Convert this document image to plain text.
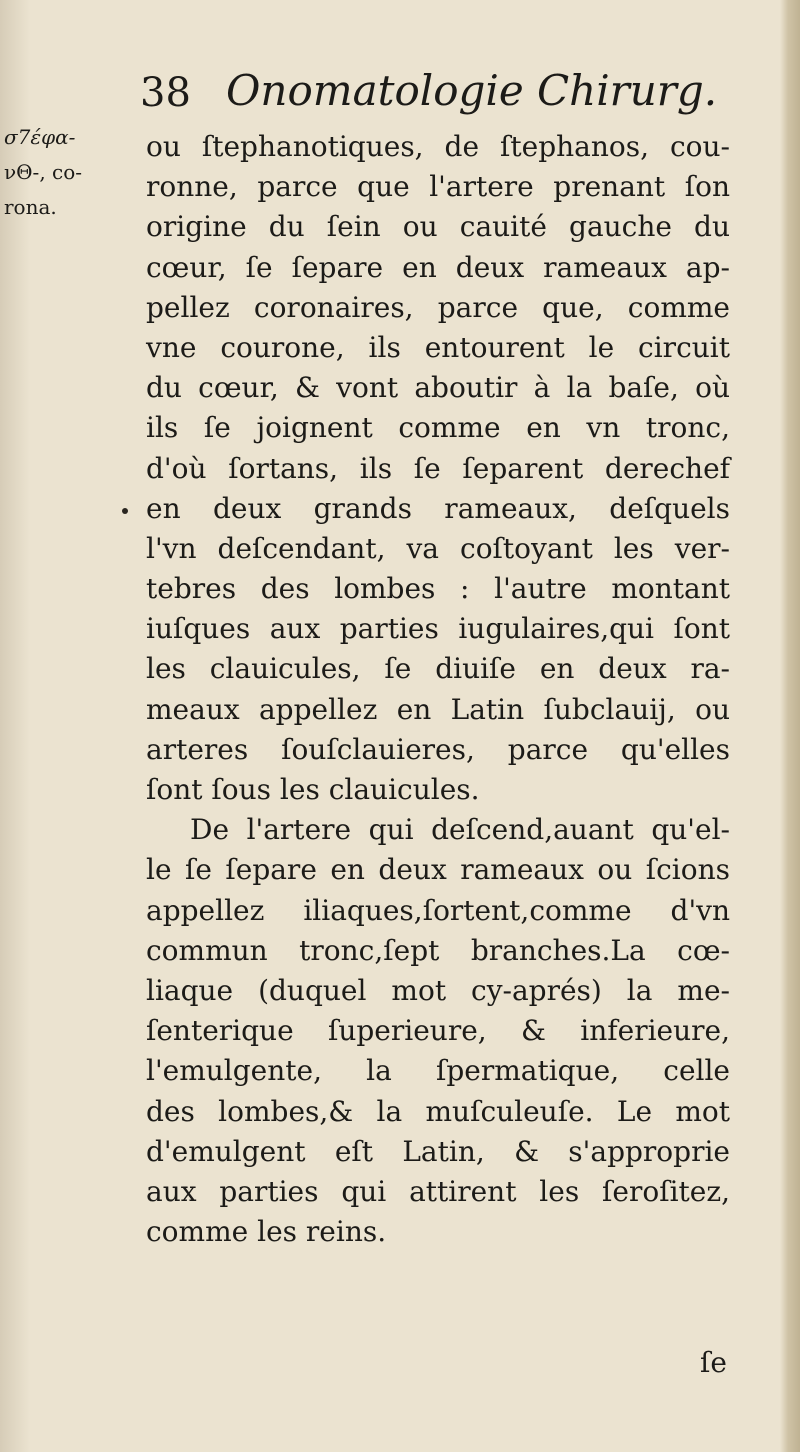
38 Onomatologie Chirurg.
σ7έφα-
νΘ-, co-
rona.
ou ſtephanotiques, de ſtephanos, cou-
ronne, parce que l'artere prenant ſon
origine du ſein ou cauité gauche du
cœur, ſe ſepare en deux rameaux ap-
pellez coronaires, parce que, comme
vne courone, ils entourent le circuit
du cœur, & vont aboutir à la baſe, où
ils ſe joignent comme en vn tronc,
d'où ſortans, ils ſe ſeparent derechef
en deux grands rameaux, deſquels
l'vn deſcendant, va coſtoyant les ver-
tebres des lombes : l'autre montant
iuſques aux parties iugulaires,qui ſont
les clauicules, ſe diuiſe en deux ra-
meaux appellez en Latin ſubclauij, ou
arteres ſouſclauieres, parce qu'elles
ſont ſous les clauicules.
De l'artere qui deſcend,auant qu'el-
le ſe ſepare en deux rameaux ou ſcions
appellez iliaques,ſortent,comme d'vn
commun tronc,ſept branches.La cœ-
liaque (duquel mot cy-aprés) la me-
ſenterique ſuperieure, & inferieure,
l'emulgente, la ſpermatique, celle
des lombes,& la muſculeuſe. Le mot
d'emulgent eſt Latin, & s'approprie
aux parties qui attirent les ſeroſitez,
comme les reins.
ſe
